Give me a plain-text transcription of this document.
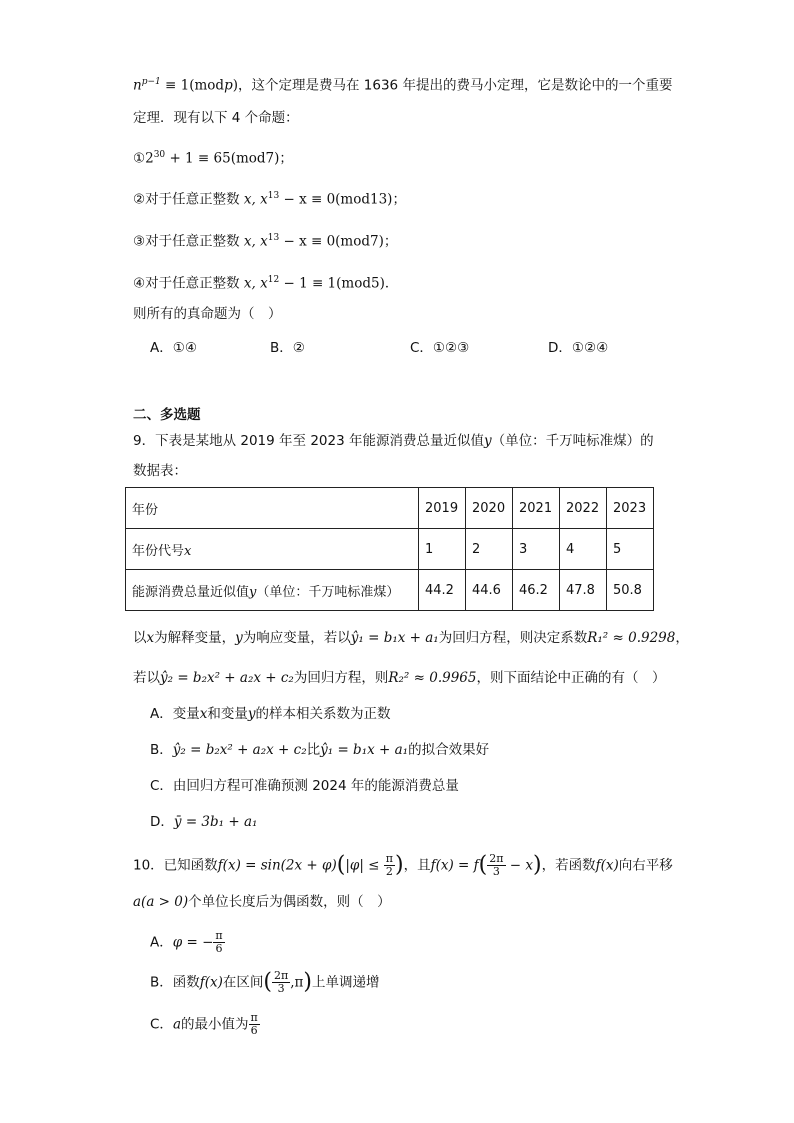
$n^{p-1}$ ≡ 1(modp)，这个定理是费马在 1636 年提出的费马小定理，它是数论中的一个重要
定理．现有以下 4 个命题：
$①2^{30} + 1 \equiv 65(mod7)$；
②对于任意正整数 x, $x^{13} - x \equiv 0(mod13)$；
③对于任意正整数 x, $x^{13} - x \equiv 0(mod7)$；
④对于任意正整数 x, $x^{12} - 1 \equiv 1(mod5)$．
则所有的真命题为（　）
A．①④	B．②	C．①②③	D．①②④
二、多选题
9．下表是某地从 2019 年至 2023 年能源消费总量近似值y（单位：千万吨标准煤）的
数据表：
年份	2019	2020	2021	2022	2023
年份代号x	1	2	3	4	5
能源消费总量近似值y（单位：千万吨标准煤）	44.2	44.6	46.2	47.8	50.8
以x为解释变量，y为响应变量，若以ŷ₁ = b₁x + a₁为回归方程，则决定系数R₁² ≈ 0.9298，
若以ŷ₂ = b₂x² + a₂x + c₂为回归方程，则R₂² ≈ 0.9965，则下面结论中正确的有（　）
A．变量x和变量y的样本相关系数为正数
B．ŷ₂ = b₂x² + a₂x + c₂比ŷ₁ = b₁x + a₁的拟合效果好
C．由回归方程可准确预测 2024 年的能源消费总量
D．ȳ = 3b₁ + a₁
10．已知函数$f(x) = \sin(2x + \varphi)(|\varphi| \le \frac{\pi}{2}$ )，且$f(x) = f( \frac{2\pi}{3} - x)$，若函数f(x)向右平移
a(a > 0)个单位长度后为偶函数，则（　）
A．φ = − $\frac{\pi}{6}$
B．函数f(x)在区间( $\frac{2\pi}{3} ,\pi$)上单调递增
C．a的最小值为 $\frac{\pi}{6}$
